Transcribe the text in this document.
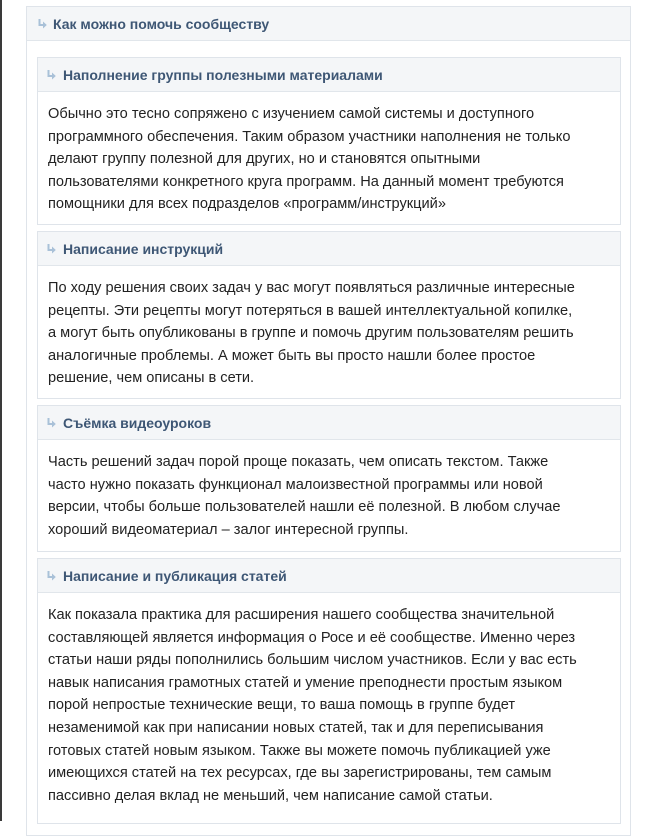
Как можно помочь сообществу
Наполнение группы полезными материалами
Обычно это тесно сопряжено с изучением самой системы и доступного
программного обеспечения. Таким образом участники наполнения не только
делают группу полезной для других, но и становятся опытными
пользователями конкретного круга программ. На данный момент требуются
помощники для всех подразделов «программ/инструкций»
Написание инструкций
По ходу решения своих задач у вас могут появляться различные интересные
рецепты. Эти рецепты могут потеряться в вашей интеллектуальной копилке,
а могут быть опубликованы в группе и помочь другим пользователям решить
аналогичные проблемы. А может быть вы просто нашли более простое
решение, чем описаны в сети.
Съёмка видеоуроков
Часть решений задач порой проще показать, чем описать текстом. Также
часто нужно показать функционал малоизвестной программы или новой
версии, чтобы больше пользователей нашли её полезной. В любом случае
хороший видеоматериал – залог интересной группы.
Написание и публикация статей
Как показала практика для расширения нашего сообщества значительной
составляющей является информация о Росе и её сообществе. Именно через
статьи наши ряды пополнились большим числом участников. Если у вас есть
навык написания грамотных статей и умение преподнести простым языком
порой непростые технические вещи, то ваша помощь в группе будет
незаменимой как при написании новых статей, так и для переписывания
готовых статей новым языком. Также вы можете помочь публикацией уже
имеющихся статей на тех ресурсах, где вы зарегистрированы, тем самым
пассивно делая вклад не меньший, чем написание самой статьи.
